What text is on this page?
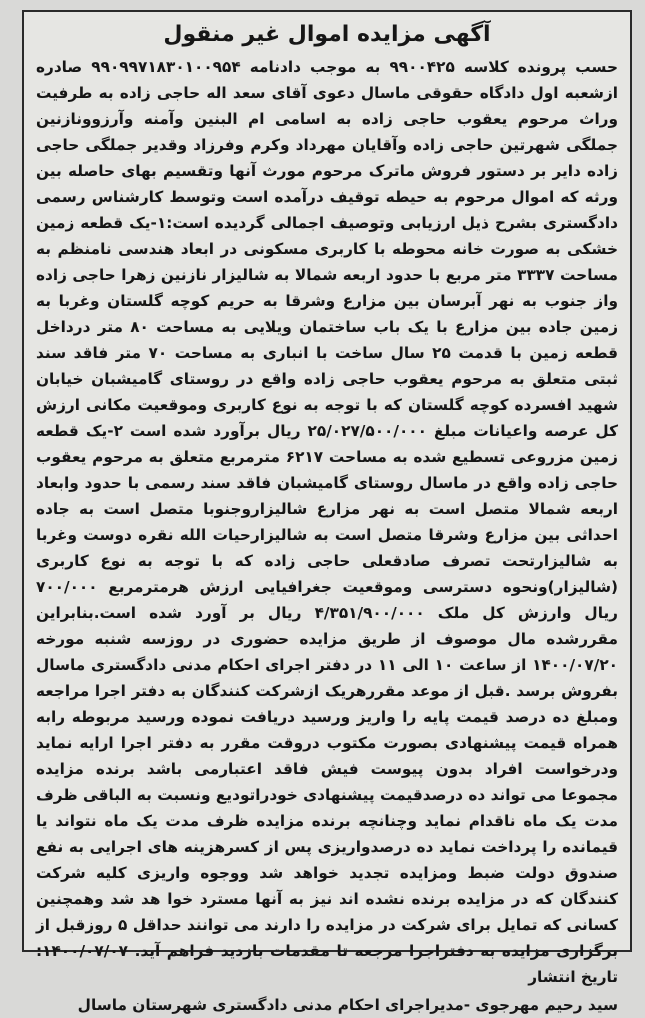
آگهی مزایده اموال غیر منقول

حسب پرونده کلاسه ۹۹۰۰۴۲۵ به موجب دادنامه ۹۹۰۹۹۷۱۸۳۰۱۰۰۹۵۴ صادره ازشعبه اول دادگاه حقوقی ماسال دعوی آقای سعد اله حاجی زاده به طرفیت وراث مرحوم یعقوب حاجی زاده به اسامی ام البنین وآمنه وآرزوونازنین جملگی شهرتین حاجی زاده وآقایان مهرداد وکرم وفرزاد وقدیر جملگی حاجی زاده دایر بر دستور فروش ماترک مرحوم مورث آنها وتقسیم بهای حاصله بین ورثه که اموال مرحوم به حیطه توقیف درآمده است وتوسط کارشناس رسمی دادگستری بشرح ذیل ارزیابی وتوصیف اجمالی گردیده است:۱-یک قطعه زمین خشکی به صورت خانه محوطه با کاربری مسکونی در ابعاد هندسی نامنظم به مساحت ۳۳۳۷ متر مربع با حدود اربعه شمالا به شالیزار نازنین زهرا حاجی زاده واز جنوب به نهر آبرسان بین مزارع وشرقا به حریم کوچه گلستان وغربا به زمین جاده بین مزارع با یک باب ساختمان ویلایی به مساحت ۸۰ متر درداخل قطعه زمین با قدمت ۲۵ سال ساخت با انباری به مساحت ۷۰ متر فاقد سند ثبتی متعلق به مرحوم یعقوب حاجی زاده واقع در روستای گامیشبان خیابان شهید افسرده کوچه گلستان که با توجه به نوع کاربری وموقعیت مکانی ارزش کل عرصه واعیانات مبلغ ۲۵/۰۲۷/۵۰۰/۰۰۰ ریال برآورد شده است ۲-یک قطعه زمین مزروعی تسطیع شده به مساحت ۶۲۱۷ مترمربع متعلق به مرحوم یعقوب حاجی زاده واقع در ماسال روستای گامیشبان فاقد سند رسمی با حدود وابعاد اربعه شمالا متصل است به نهر مزارع شالیزاروجنوبا متصل است به جاده احداثی بین مزارع وشرقا متصل است به شالیزارحیات الله نقره دوست وغربا به شالیزارتحت تصرف صادقعلی حاجی زاده که با توجه به نوع کاربری (شالیزار)ونحوه دسترسی وموقعیت جغرافیایی ارزش هرمترمربع ۷۰۰/۰۰۰ ریال وارزش کل ملک ۴/۳۵۱/۹۰۰/۰۰۰ ریال بر آورد شده است.بنابراین مقررشده مال موصوف از طریق مزایده حضوری در روزسه شنبه مورخه ۱۴۰۰/۰۷/۲۰ از ساعت ۱۰ الی ۱۱ در دفتر اجرای احکام مدنی دادگستری ماسال بفروش برسد .قبل از موعد مقررهریک ازشرکت کنندگان به دفتر اجرا مراجعه ومبلغ ده درصد قیمت پایه را واریز ورسید دریافت نموده ورسید مربوطه رابه همراه قیمت پیشنهادی بصورت مکتوب دروقت مقرر به دفتر اجرا ارایه نماید ودرخواست افراد بدون پیوست فیش فاقد اعتبارمی باشد برنده مزایده مجموعا می تواند ده درصدقیمت پیشنهادی خودراتودیع ونسبت به الباقی ظرف مدت یک ماه ناقدام نماید وچنانچه برنده مزایده ظرف مدت یک ماه نتواند یا قیمانده را پرداخت نماید ده درصدواریزی پس از کسرهزینه های اجرایی به نفع صندوق دولت ضبط ومزایده تجدید خواهد شد ووجوه واریزی کلیه شرکت کنندگان که در مزایده برنده نشده اند نیز به آنها مسترد خوا هد شد وهمچنین کسانی که تمایل برای شرکت در مزایده را دارند می توانند حداقل ۵ روزقبل از برگزاری مزایده به دفتراجرا مرجعه تا مقدمات بازدید فراهم آید. ۱۴۰۰/۰۷/۰۷: تاریخ انتشار

سید رحیم مهرجوی -مدیراجرای احکام مدنی دادگستری شهرستان ماسال
